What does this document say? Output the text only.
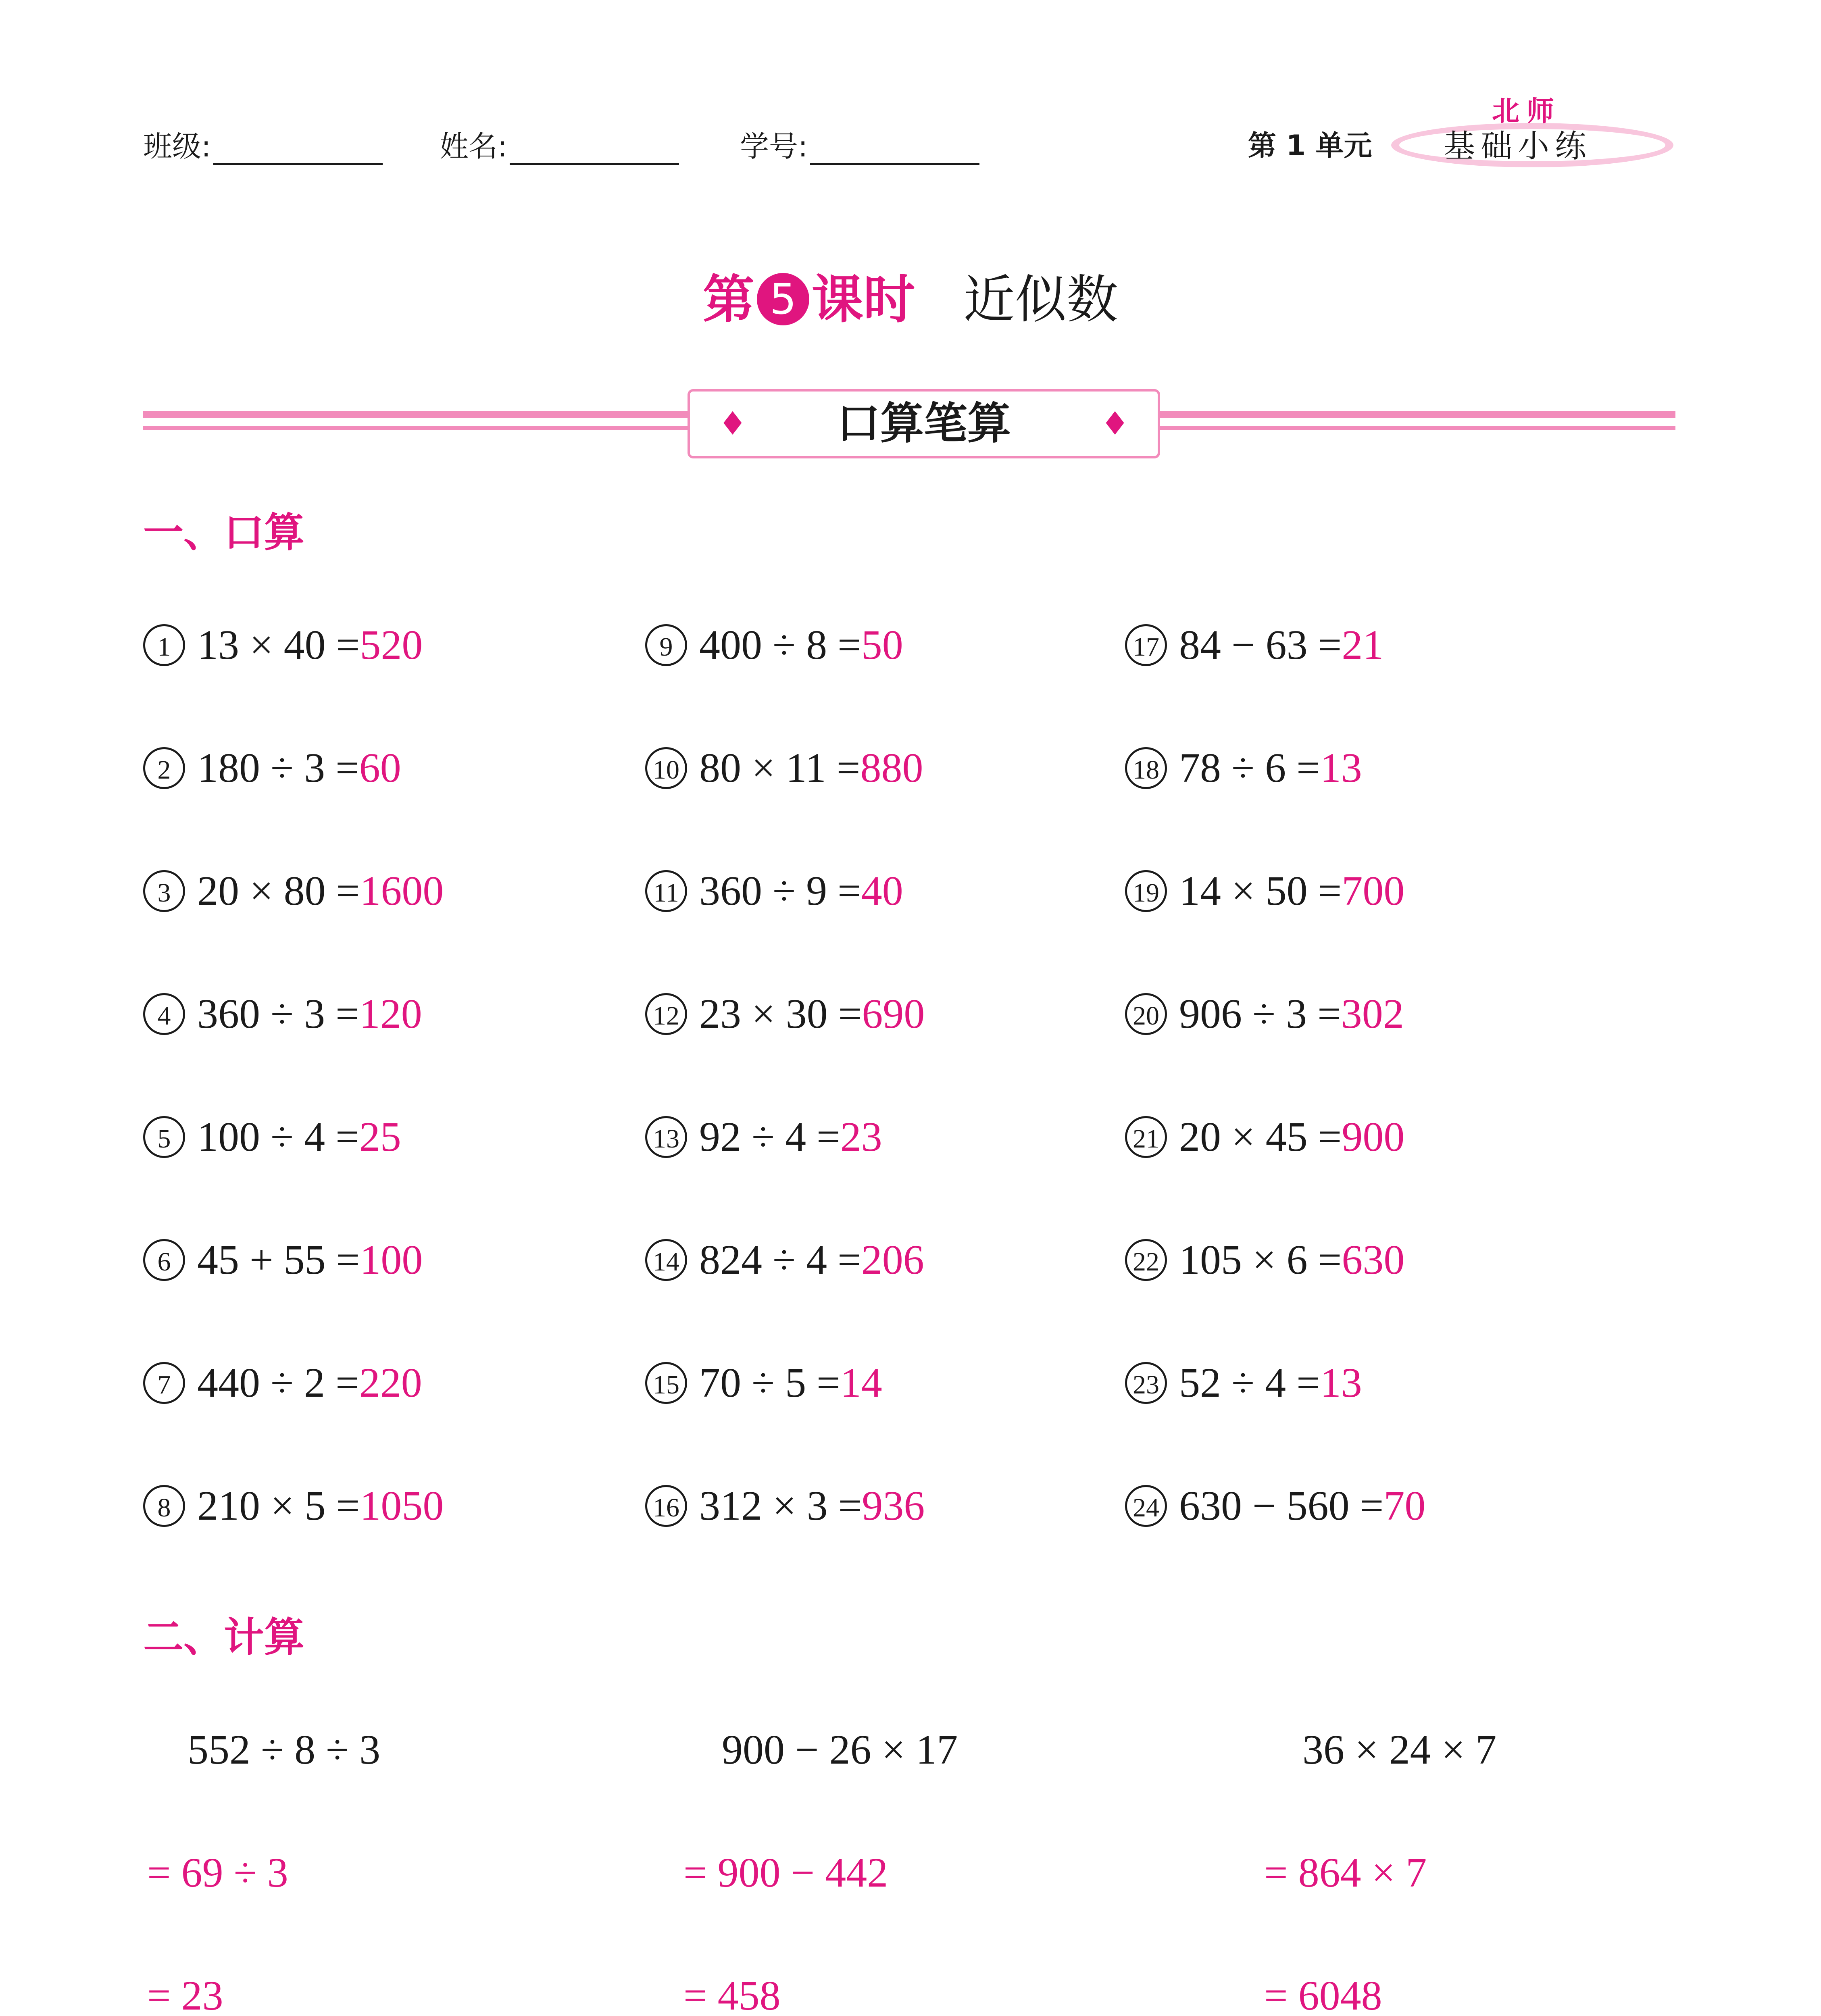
班级:	姓名:	学号:	第 1 单元
北师
基础小练
第 5 课时 近似数
♦ 口算笔算	♦
一、口算
1 13 × 40 =520
2 180 ÷ 3 =60
3 20 × 80 =1600
4 360 ÷ 3 =120
5 100 ÷ 4 =25
6 45 + 55 =100
7 440 ÷ 2 =220
8 210 × 5 =1050
9 400 ÷ 8 =50
10 80 × 11 =880
11 360 ÷ 9 =40
12 23 × 30 =690
13 92 ÷ 4 =23
14 824 ÷ 4 =206
15 70 ÷ 5 =14
16 312 × 3 =936
17 84 − 63 =21
18 78 ÷ 6 =13
19 14 × 50 =700
20 906 ÷ 3 =302
21 20 × 45 =900
22 105 × 6 =630
23 52 ÷ 4 =13
24 630 − 560 =70
二、计算
552 ÷ 8 ÷ 3
= 69 ÷ 3
= 23
900 − 26 × 17
= 900 − 442
= 458
36 × 24 × 7
= 864 × 7
= 6048
